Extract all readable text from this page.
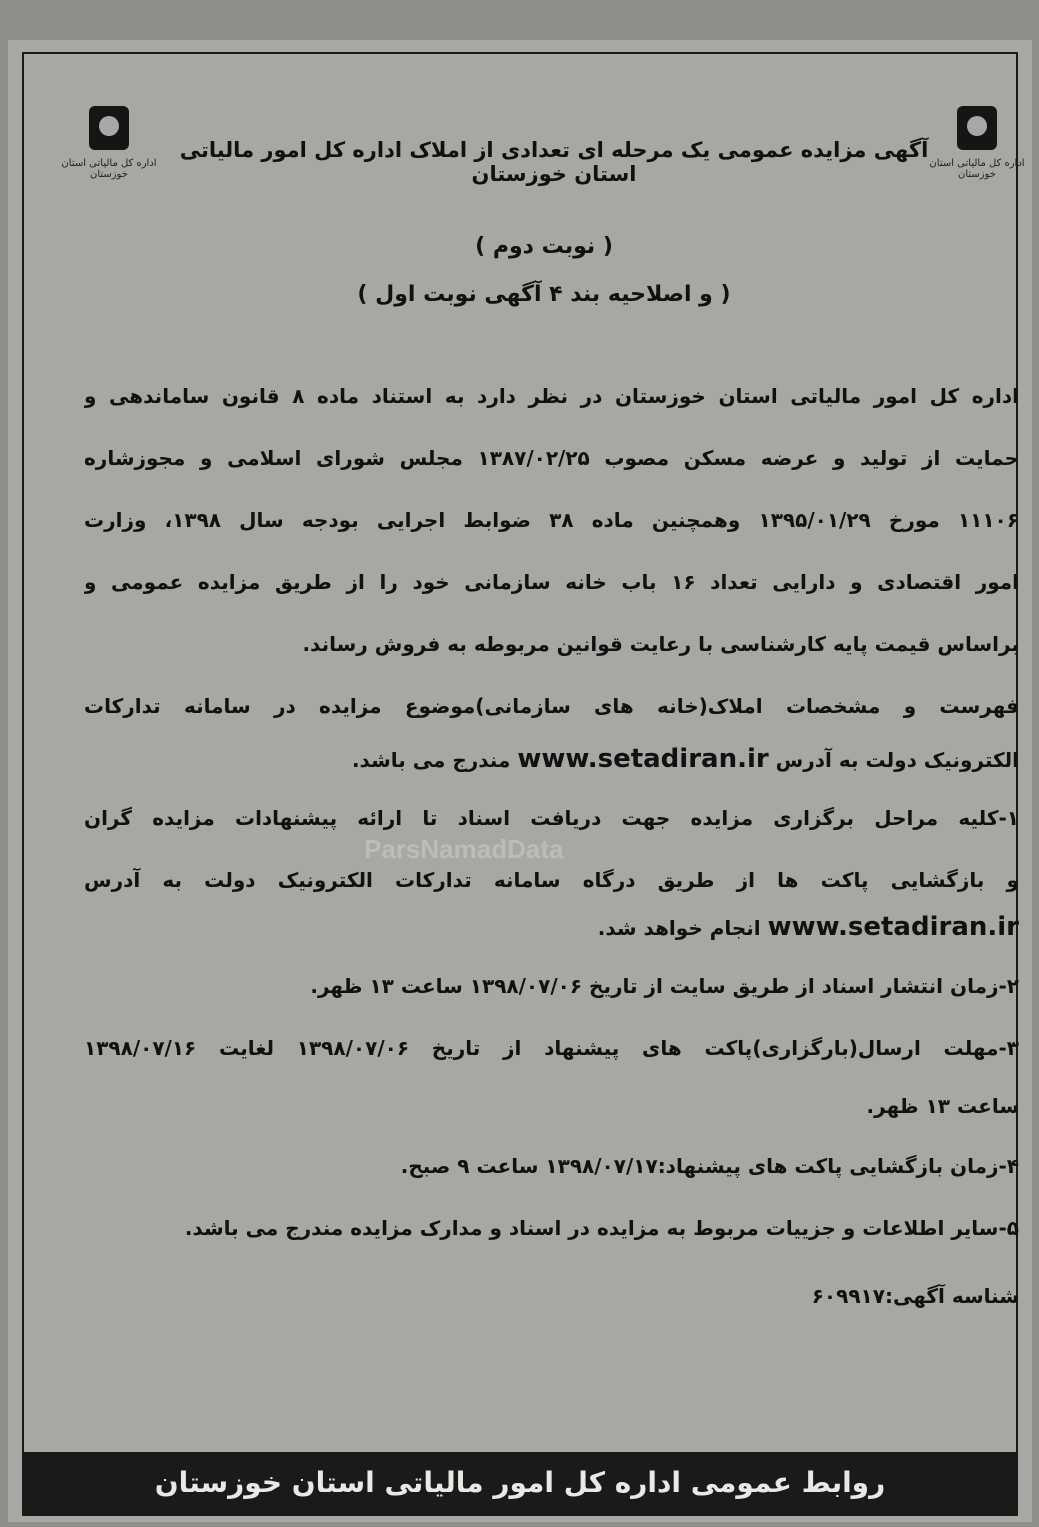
اداره کل مالیاتی استان خوزستان
اداره کل مالیاتی استان خوزستان
آگهی مزایده عمومی یک مرحله ای تعدادی از املاک اداره کل امور مالیاتی استان خوزستان
( نوبت دوم )
( و اصلاحیه بند ۴ آگهی نوبت اول )
اداره کل امور مالیاتی استان خوزستان در نظر دارد به استناد ماده ۸ قانون ساماندهی و
حمایت از تولید و عرضه مسکن مصوب ۱۳۸۷/۰۲/۲۵ مجلس شورای اسلامی و مجوزشاره
۱۱۱۰۶ مورخ ۱۳۹۵/۰۱/۲۹ وهمچنین ماده ۳۸ ضوابط اجرایی بودجه سال ۱۳۹۸، وزارت
امور اقتصادی و دارایی تعداد ۱۶ باب خانه سازمانی خود را از طریق مزایده عمومی و
براساس قیمت پایه کارشناسی با رعایت قوانین مربوطه به فروش رساند.
فهرست و مشخصات املاک(خانه های سازمانی)موضوع مزایده در سامانه تدارکات
الکترونیک دولت به آدرس www.setadiran.ir مندرج می باشد.
۱-کلیه مراحل برگزاری مزایده جهت دریافت اسناد تا ارائه پیشنهادات مزایده گران
و بازگشایی پاکت ها از طریق درگاه سامانه تدارکات الکترونیک دولت به آدرس
www.setadiran.ir انجام خواهد شد.
۲-زمان انتشار اسناد از طریق سایت از تاریخ ۱۳۹۸/۰۷/۰۶ ساعت ۱۳ ظهر.
۳-مهلت ارسال(بارگزاری)پاکت های پیشنهاد از تاریخ ۱۳۹۸/۰۷/۰۶ لغایت ۱۳۹۸/۰۷/۱۶
ساعت ۱۳ ظهر.
۴-زمان بازگشایی پاکت های پیشنهاد:۱۳۹۸/۰۷/۱۷ ساعت ۹ صبح.
۵-سایر اطلاعات و جزییات مربوط به مزایده در اسناد و مدارک مزایده مندرج می باشد.
شناسه آگهی:۶۰۹۹۱۷
ParsNamadData
روابط عمومی اداره کل امور مالیاتی استان خوزستان
